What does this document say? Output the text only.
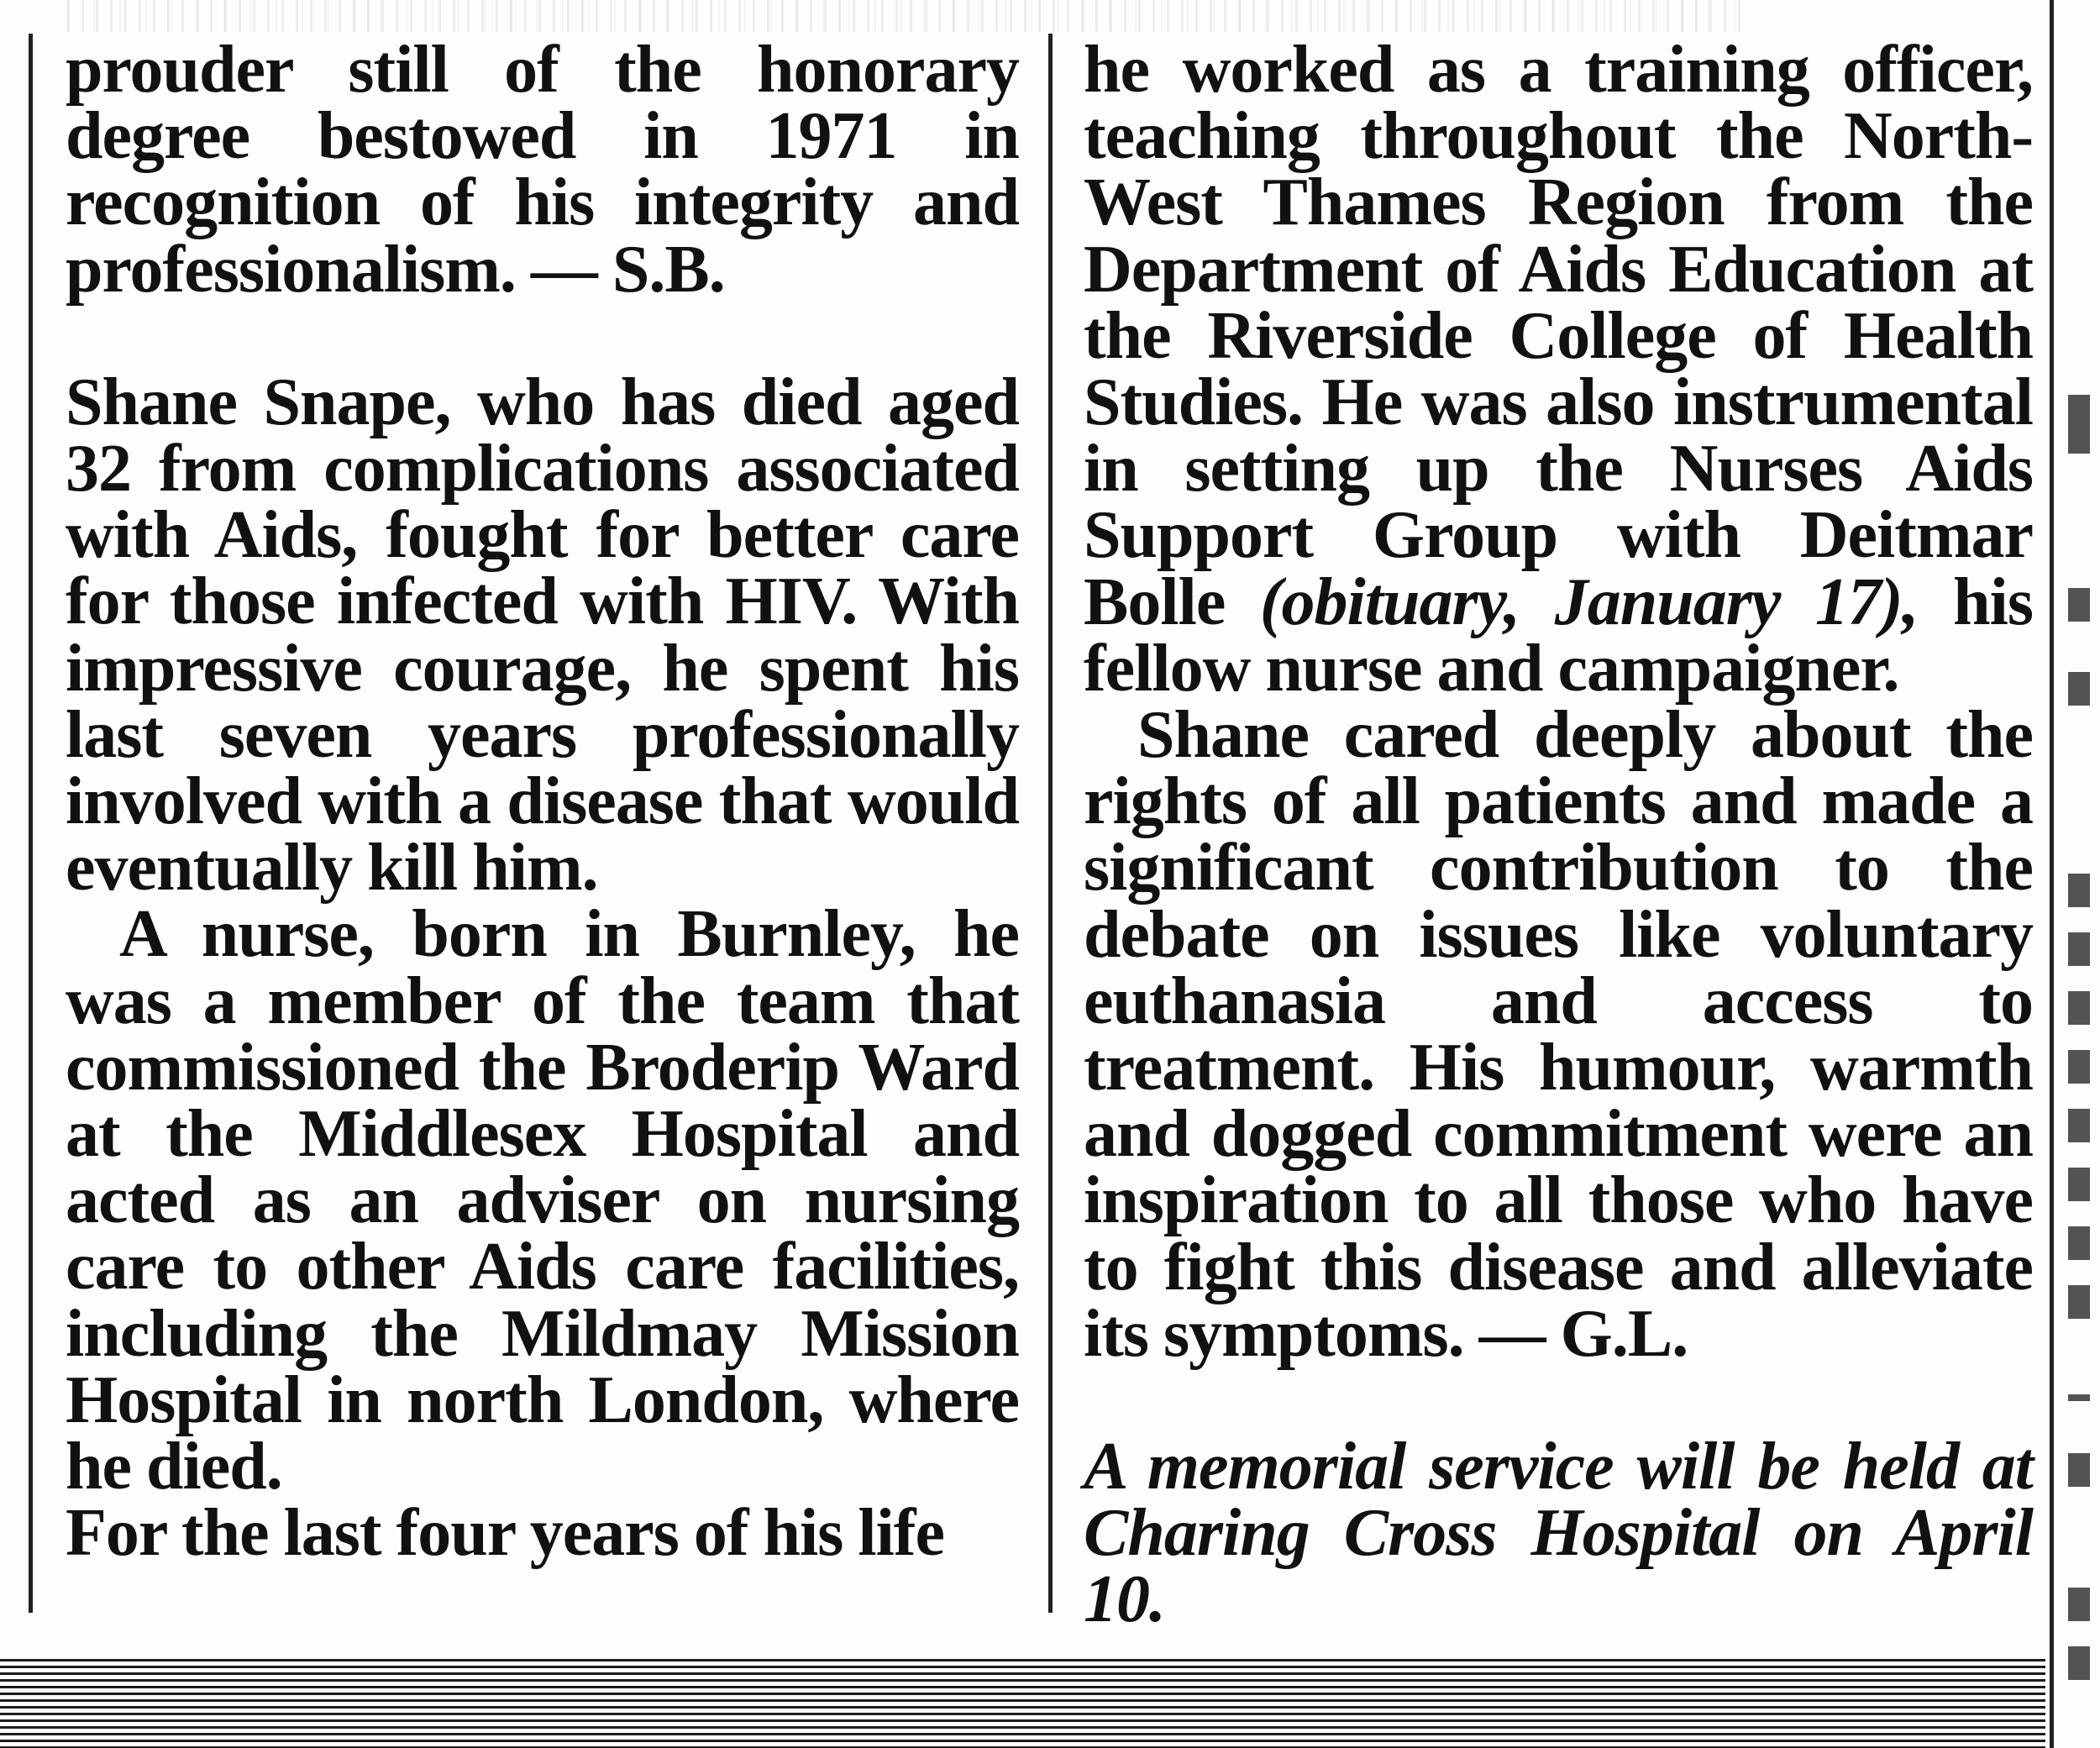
prouder still of the honorary degree bestowed in 1971 in recognition of his integrity and professionalism. — S.B.

Shane Snape, who has died aged 32 from complications associated with Aids, fought for better care for those infected with HIV. With impressive courage, he spent his last seven years professionally involved with a disease that would eventually kill him.

A nurse, born in Burnley, he was a member of the team that commissioned the Broderip Ward at the Middlesex Hospital and acted as an adviser on nursing care to other Aids care facilities, including the Mildmay Mission Hospital in north London, where he died.

For the last four years of his life

he worked as a training officer, teaching throughout the North-West Thames Region from the Department of Aids Education at the Riverside College of Health Studies. He was also instrumental in setting up the Nurses Aids Support Group with Deitmar Bolle (obituary, January 17), his fellow nurse and campaigner.

Shane cared deeply about the rights of all patients and made a significant contribution to the debate on issues like voluntary euthanasia and access to treatment. His humour, warmth and dogged commitment were an inspiration to all those who have to fight this disease and alleviate its symptoms. — G.L.

A memorial service will be held at Charing Cross Hospital on April 10.
